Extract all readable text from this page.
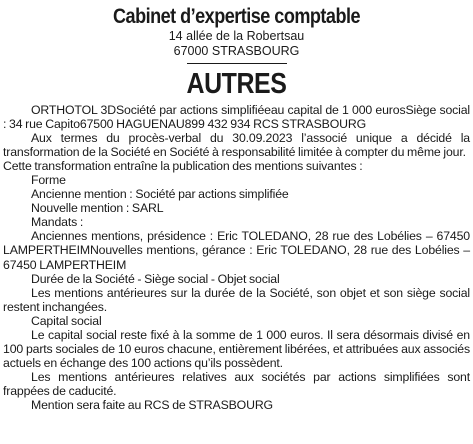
Cabinet d’expertise comptable
14 allée de la Robertsau
67000 STRASBOURG
AUTRES

ORTHOTOL 3DSociété par actions simplifiéeau capital de 1 000 eurosSiège social : 34 rue Capito67500 HAGUENAU899 432 934 RCS STRASBOURG

Aux termes du procès-verbal du 30.09.2023 l’associé unique a décidé la transformation de la Société en Société à responsabilité limitée à compter du même jour.

Cette transformation entraîne la publication des mentions suivantes :

Forme

Ancienne mention : Société par actions simplifiée

Nouvelle mention : SARL

Mandats :

Anciennes mentions, présidence : Eric TOLEDANO, 28 rue des Lobélies – 67450 LAMPERTHEIMNouvelles mentions, gérance : Eric TOLEDANO, 28 rue des Lobélies – 67450 LAMPERTHEIM

Durée de la Société - Siège social - Objet social

Les mentions antérieures sur la durée de la Société, son objet et son siège social restent inchangées.

Capital social

Le capital social reste fixé à la somme de 1 000 euros. Il sera désormais divisé en 100 parts sociales de 10 euros chacune, entièrement libérées, et attribuées aux associés actuels en échange des 100 actions qu’ils possèdent.

Les mentions antérieures relatives aux sociétés par actions simplifiées sont frappées de caducité.

Mention sera faite au RCS de STRASBOURG
